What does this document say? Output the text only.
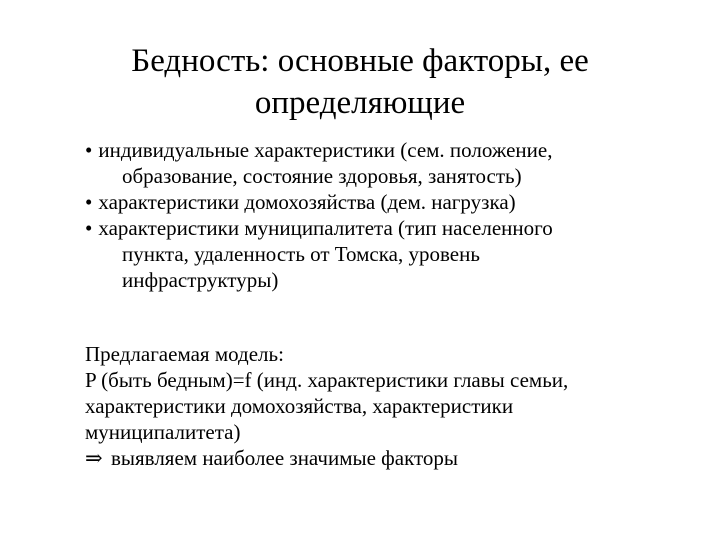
Бедность: основные факторы, ее
определяющие
• индивидуальные характеристики (сем. положение,
образование, состояние здоровья, занятость)
• характеристики домохозяйства (дем. нагрузка)
• характеристики муниципалитета (тип населенного
пункта, удаленность от Томска, уровень
инфраструктуры)
Предлагаемая модель:
P (быть бедным)=f (инд. характеристики главы семьи,
характеристики домохозяйства, характеристики
муниципалитета)
⇒ выявляем наиболее значимые факторы
